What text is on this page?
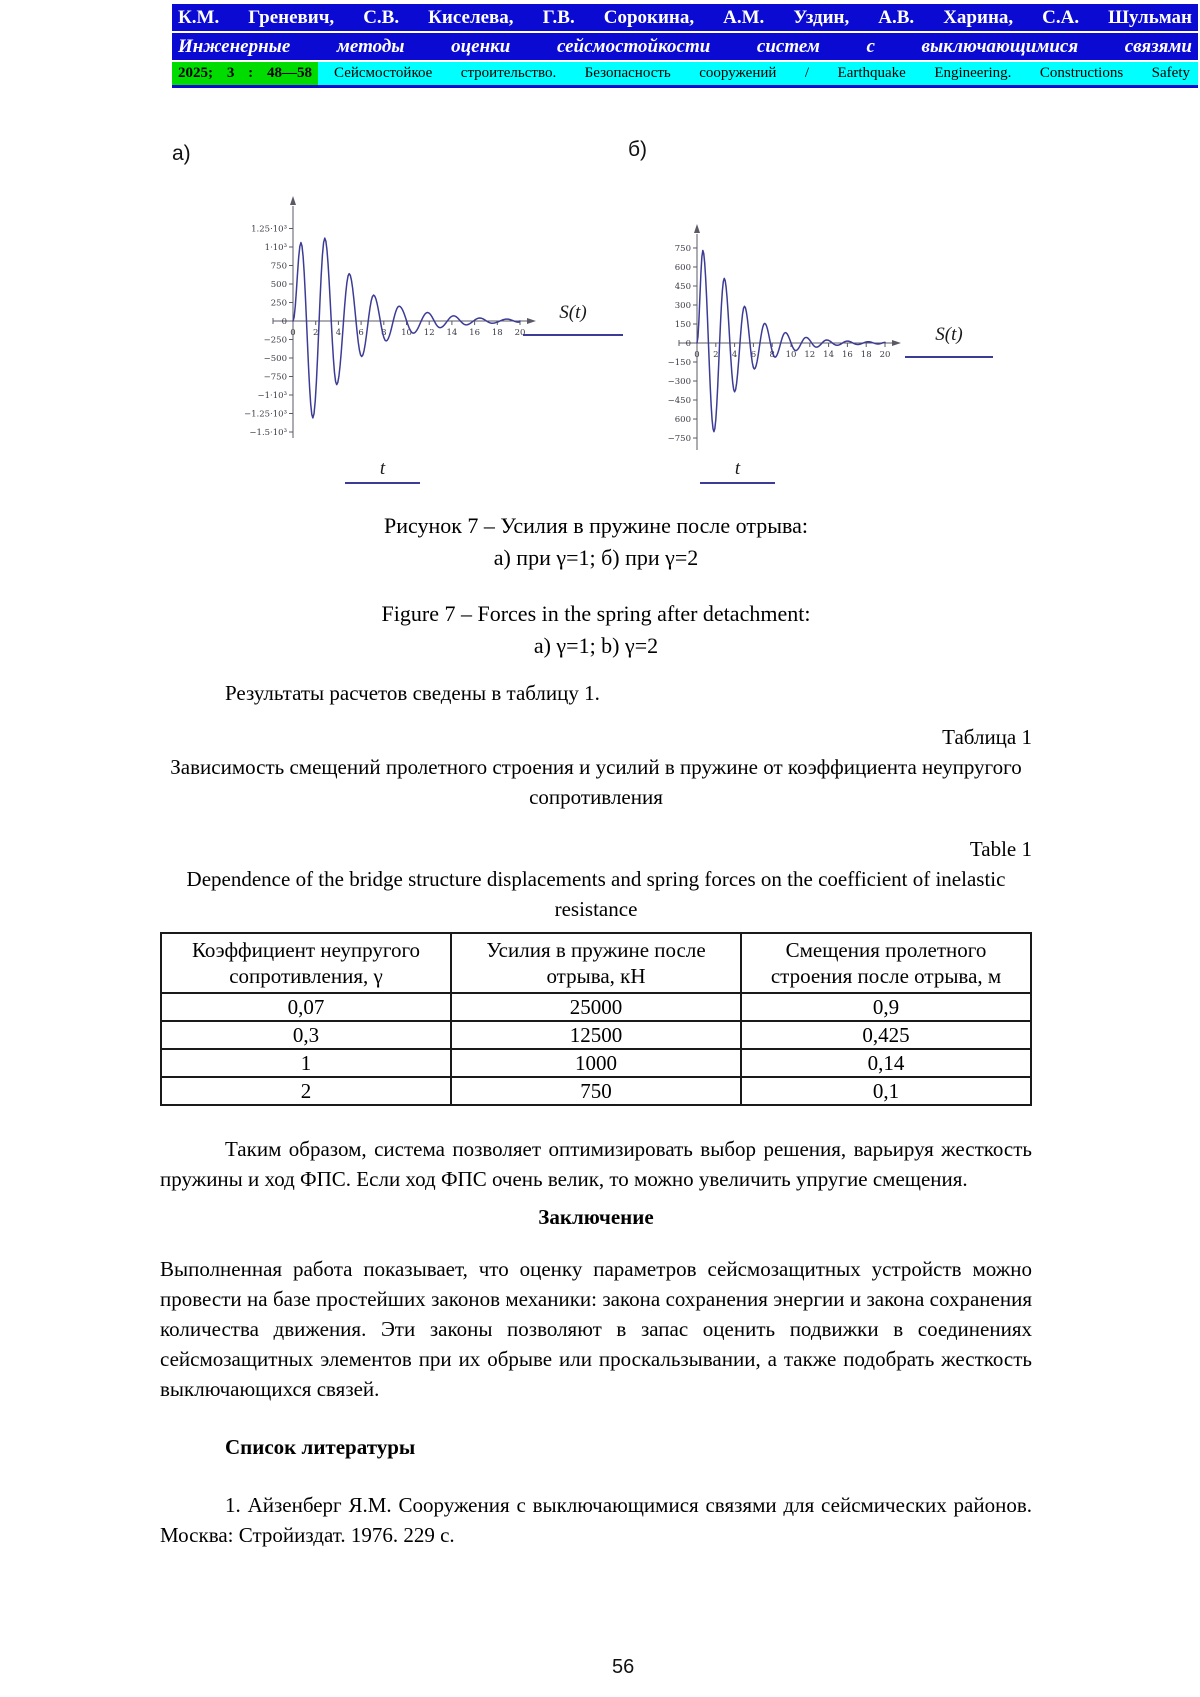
К.М. Греневич, С.В. Киселева, Г.В. Сорокина, А.М. Уздин, А.В. Харина, С.А. Шульман
Инженерные методы оценки сейсмостойкости систем с выключающимися связями
2025; 3 : 48—58	Сейсмостойкое строительство. Безопасность сооружений / Earthquake Engineering. Constructions Safety
а)	б)
1.25·10³
1·10³
750
500
250
0
−250
−500
−750
−1·10³
−1.25·10³
−1.5·10³
0 2 4 6 8 10 12 14 16 18 20
750
600
450
300
150
0
−150
−300
−450
600
−750
0 2 4 6 8 10 12 14 16 18 20
S(t)
S(t)
t	t
Рисунок 7 – Усилия в пружине после отрыва:
а) при γ=1; б) при γ=2
Figure 7 – Forces in the spring after detachment:
a) γ=1; b) γ=2

Результаты расчетов сведены в таблицу 1.

Таблица 1
Зависимость смещений пролетного строения и усилий в пружине от коэффициента неупругого сопротивления
Table 1
Dependence of the bridge structure displacements and spring forces on the coefficient of inelastic resistance
Коэффициент неупругого сопротивления, γ	Усилия в пружине после отрыва, кН	Смещения пролетного строения после отрыва, м
0,07	25000	0,9
0,3	12500	0,425
1	1000	0,14
2	750	0,1

Таким образом, система позволяет оптимизировать выбор решения, варьируя жесткость пружины и ход ФПС. Если ход ФПС очень велик, то можно увеличить упругие смещения.

Заключение

Выполненная работа показывает, что оценку параметров сейсмозащитных устройств можно провести на базе простейших законов механики: закона сохранения энергии и закона сохранения количества движения. Эти законы позволяют в запас оценить подвижки в соединениях сейсмозащитных элементов при их обрыве или проскальзывании, а также подобрать жесткость выключающихся связей.

Список литературы

1. Айзенберг Я.М. Сооружения с выключающимися связями для сейсмических районов. Москва: Стройиздат. 1976. 229 с.

56
